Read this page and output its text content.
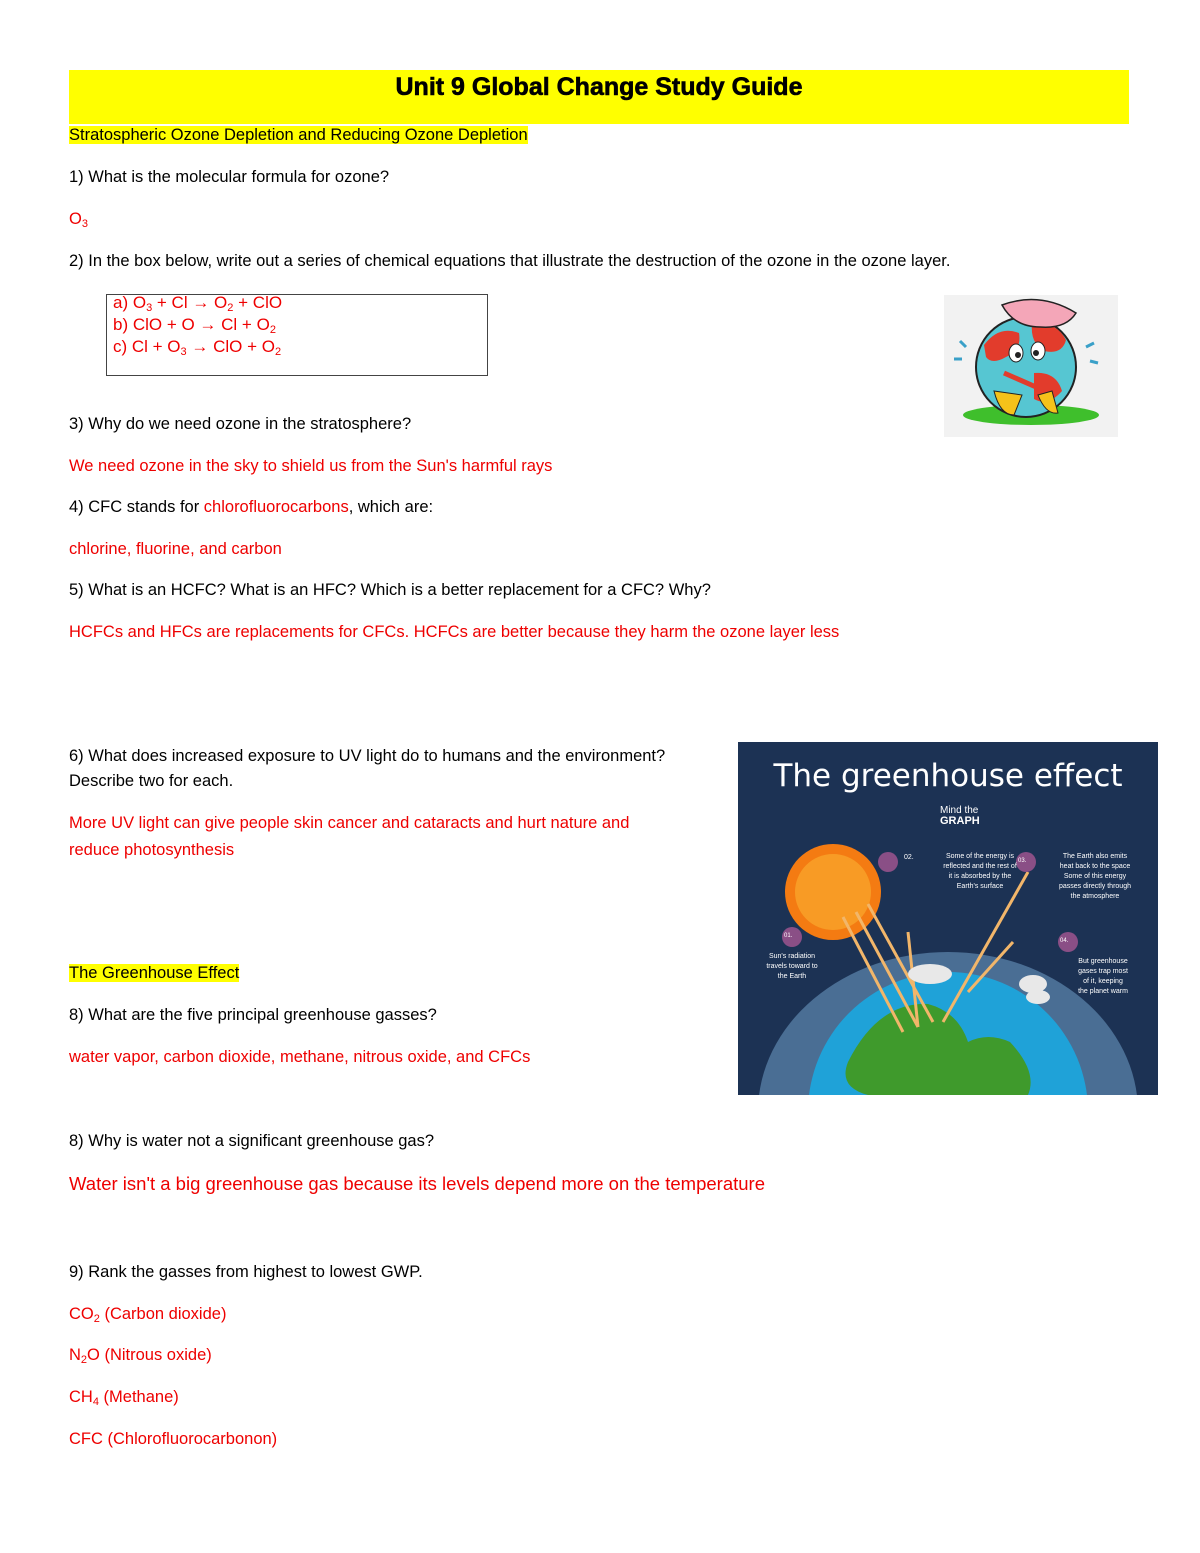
Unit 9 Global Change Study Guide
Stratospheric Ozone Depletion and Reducing Ozone Depletion
1) What is the molecular formula for ozone?
$O_3$
2) In the box below, write out a series of chemical equations that illustrate the destruction of the ozone in the ozone layer.
a) $O_3 + Cl \to O_2$ + ClO
b) ClO + $O \to Cl + O_2$
c) $Cl + O_3$ → ClO + $O_2$
3) Why do we need ozone in the stratosphere?
We need ozone in the sky to shield us from the Sun's harmful rays
4) CFC stands for chlorofluorocarbons, which are:
chlorine, fluorine, and carbon
5) What is an HCFC? What is an HFC? Which is a better replacement for a CFC? Why?
HCFCs and HFCs are replacements for CFCs. HCFCs are better because they harm the ozone layer less
6) What does increased exposure to UV light do to humans and the environment?
Describe two for each.
More UV light can give people skin cancer and cataracts and hurt nature and
reduce photosynthesis
The greenhouse effect
Mind the
GRAPH
02.	Some of the energy is
reflected and the rest of
it is absorbed by the
Earth's surface
03.
The Earth also emits
heat back to the space
Some of this energy
passes directly through
the atmosphere
01.
Sun's radiation
travels toward to
the Earth
04.
But greenhouse
gases trap most
of it, keeping
the planet warm
The Greenhouse Effect
8) What are the five principal greenhouse gasses?
water vapor, carbon dioxide, methane, nitrous oxide, and CFCs
8) Why is water not a significant greenhouse gas?
Water isn't a big greenhouse gas because its levels depend more on the temperature
9) Rank the gasses from highest to lowest GWP.
$CO_2$ (Carbon dioxide)
$N_2O$ (Nitrous oxide)
$CH_4$ (Methane)
CFC (Chlorofluorocarbonon)
